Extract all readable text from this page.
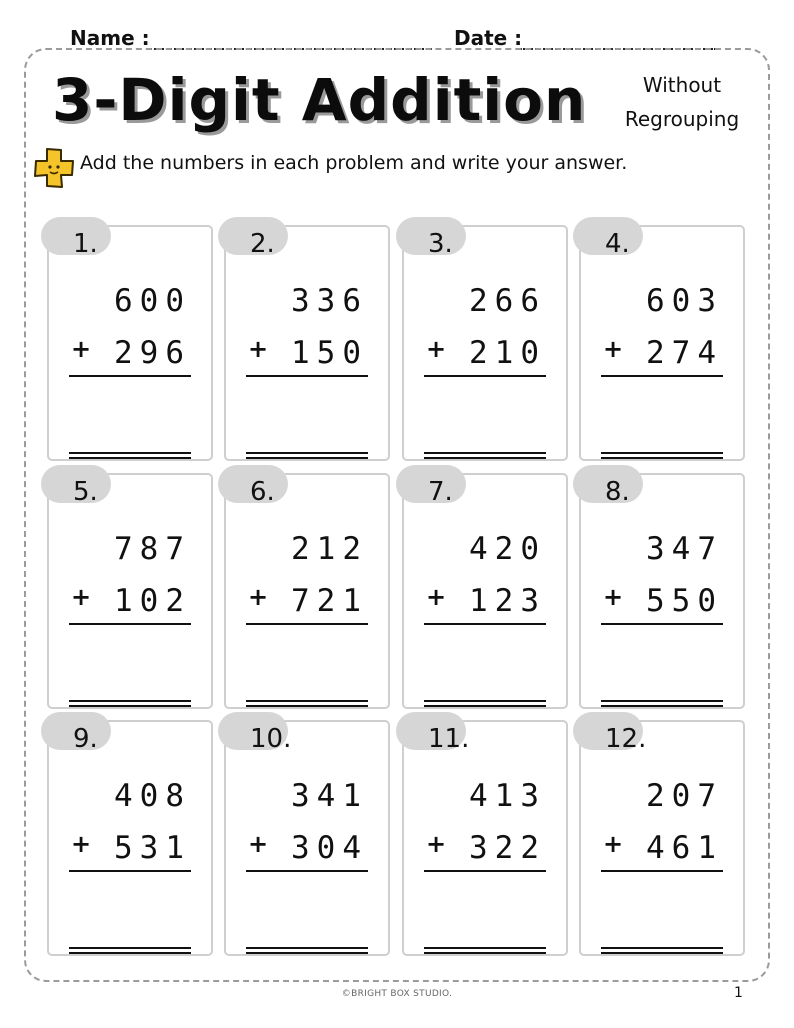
Name :	Date :
3-Digit Addition	Without
Regrouping
Add the numbers in each problem and write your answer.
1.
600
+ 296
2.
336
+ 150
3.
266
+ 210
4.
603
+ 274
5.
787
+ 102
6.
212
+ 721
7.
420
+ 123
8.
347
+ 550
9.
408
+ 531
10.
341
+ 304
11.
413
+ 322
12.
207
+ 461
©BRIGHT BOX STUDIO.	1
